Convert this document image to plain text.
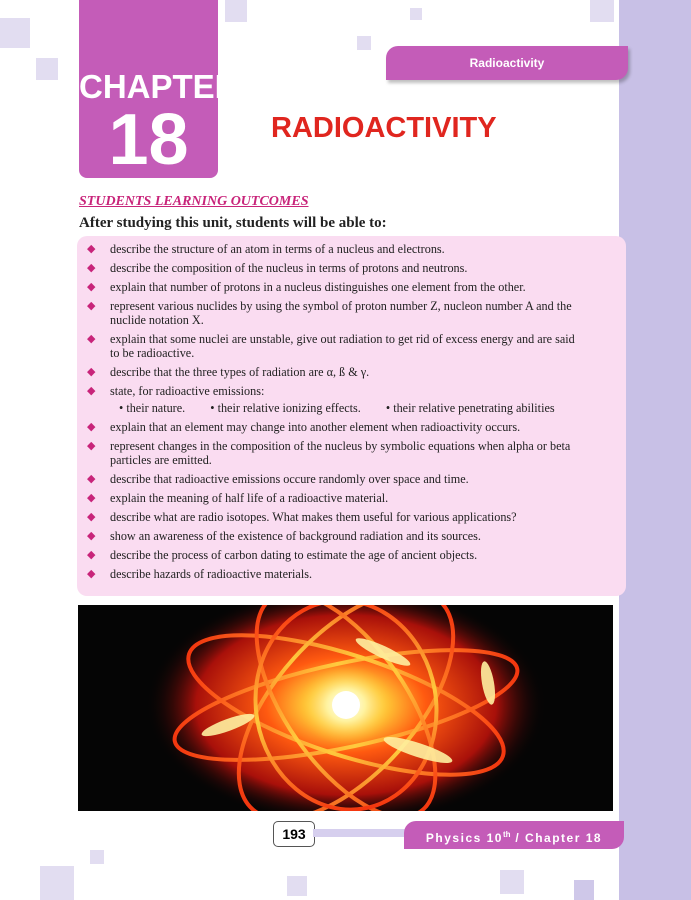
CHAPTER
18
Radioactivity
RADIOACTIVITY
STUDENTS LEARNING OUTCOMES
After studying this unit, students will be able to:
◆ describe the structure of an atom in terms of a nucleus and electrons.
◆ describe the composition of the nucleus in terms of protons and neutrons.
◆ explain that number of protons in a nucleus distinguishes one element from the other.
◆ represent various nuclides by using the symbol of proton number Z, nucleon number A and the nuclide notation X.
◆ explain that some nuclei are unstable, give out radiation to get rid of excess energy and are said to be radioactive.
◆ describe that the three types of radiation are α, ß & γ.
◆ state, for radioactive emissions:
• their nature. • their relative ionizing effects. • their relative penetrating abilities
◆ explain that an element may change into another element when radioactivity occurs.
◆ represent changes in the composition of the nucleus by symbolic equations when alpha or beta particles are emitted.
◆ describe that radioactive emissions occure randomly over space and time.
◆ explain the meaning of half life of a radioactive material.
◆ describe what are radio isotopes. What makes them useful for various applications?
◆ show an awareness of the existence of background radiation and its sources.
◆ describe the process of carbon dating to estimate the age of ancient objects.
◆ describe hazards of radioactive materials.
193	Physics 10th / Chapter 18
